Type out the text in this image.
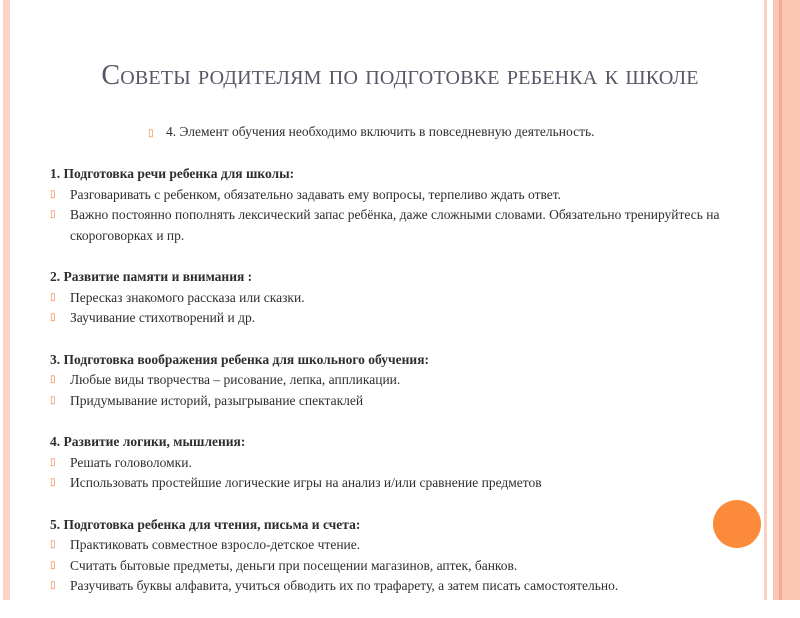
Советы родителям по подготовке ребенка к школе
▯ 4. Элемент обучения необходимо включить в повседневную деятельность.
1. Подготовка речи ребенка для школы:
▯	Разговаривать с ребенком, обязательно задавать ему вопросы, терпеливо ждать ответ.
▯	Важно постоянно пополнять лексический запас ребёнка, даже сложными словами. Обязательно тренируйтесь на скороговорках и пр.
2. Развитие памяти и внимания :
▯	Пересказ знакомого рассказа или сказки.
▯	Заучивание стихотворений и др.
3. Подготовка воображения ребенка для школьного обучения:
▯	Любые виды творчества – рисование, лепка, аппликации.
▯	Придумывание историй, разыгрывание спектаклей
4. Развитие логики, мышления:
▯	Решать головоломки.
▯	Использовать простейшие логические игры на анализ и/или сравнение предметов
5. Подготовка ребенка для чтения, письма и счета:
▯	Практиковать совместное взросло-детское чтение.
▯	Считать бытовые предметы, деньги при посещении магазинов, аптек, банков.
▯	Разучивать буквы алфавита, учиться обводить их по трафарету, а затем писать самостоятельно.
